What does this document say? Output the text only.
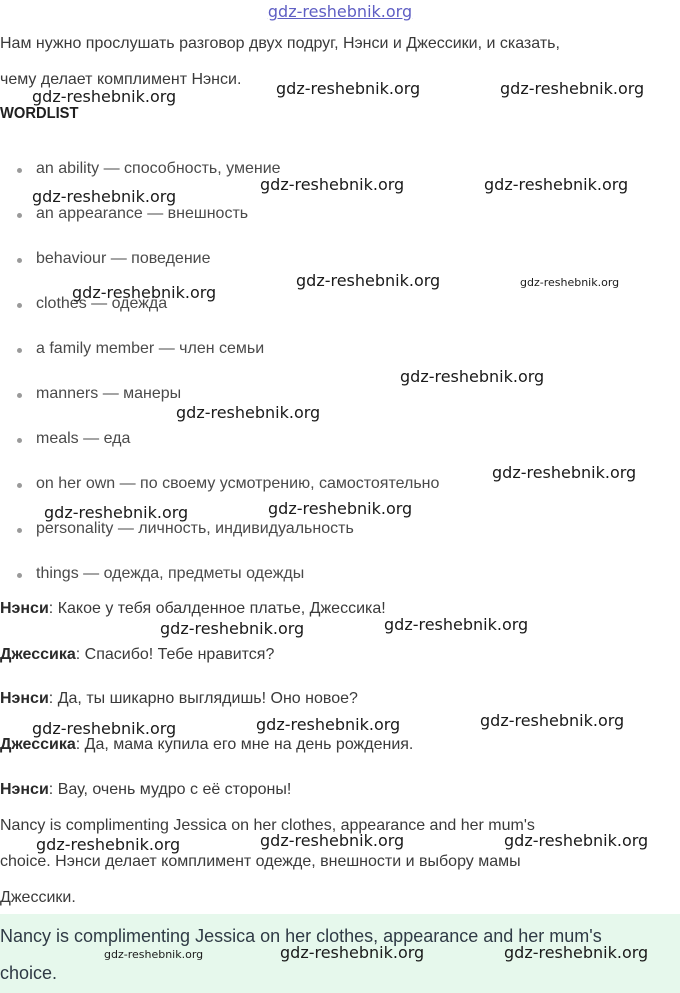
gdz-reshebnik.org
Нам нужно прослушать разговор двух подруг, Нэнси и Джессики, и сказать,
чему делает комплимент Нэнси.
WORDLIST
an ability — способность, умение
an appearance — внешность
behaviour — поведение
clothes — одежда
a family member — член семьи
manners — манеры
meals — еда
on her own — по своему усмотрению, самостоятельно
personality — личность, индивидуальность
things — одежда, предметы одежды
Нэнси: Какое у тебя обалденное платье, Джессика!
Джессика: Спасибо! Тебе нравится?
Нэнси: Да, ты шикарно выглядишь! Оно новое?
Джессика: Да, мама купила его мне на день рождения.
Нэнси: Вау, очень мудро с её стороны!
Nancy is complimenting Jessica on her clothes, appearance and her mum's
choice. Нэнси делает комплимент одежде, внешности и выбору мамы
Джессики.
Nancy is complimenting Jessica on her clothes, appearance and her mum's
choice.
gdz-reshebnik.org	gdz-reshebnik.org	gdz-reshebnik.org
gdz-reshebnik.org
gdz-reshebnik.org	gdz-reshebnik.org
gdz-reshebnik.org
gdz-reshebnik.org	gdz-reshebnik.org
gdz-reshebnik.org
gdz-reshebnik.org
gdz-reshebnik.org
gdz-reshebnik.org	gdz-reshebnik.org
gdz-reshebnik.org	gdz-reshebnik.org
gdz-reshebnik.org	gdz-reshebnik.org	gdz-reshebnik.org
gdz-reshebnik.org	gdz-reshebnik.org	gdz-reshebnik.org
gdz-reshebnik.org	gdz-reshebnik.org	gdz-reshebnik.org
